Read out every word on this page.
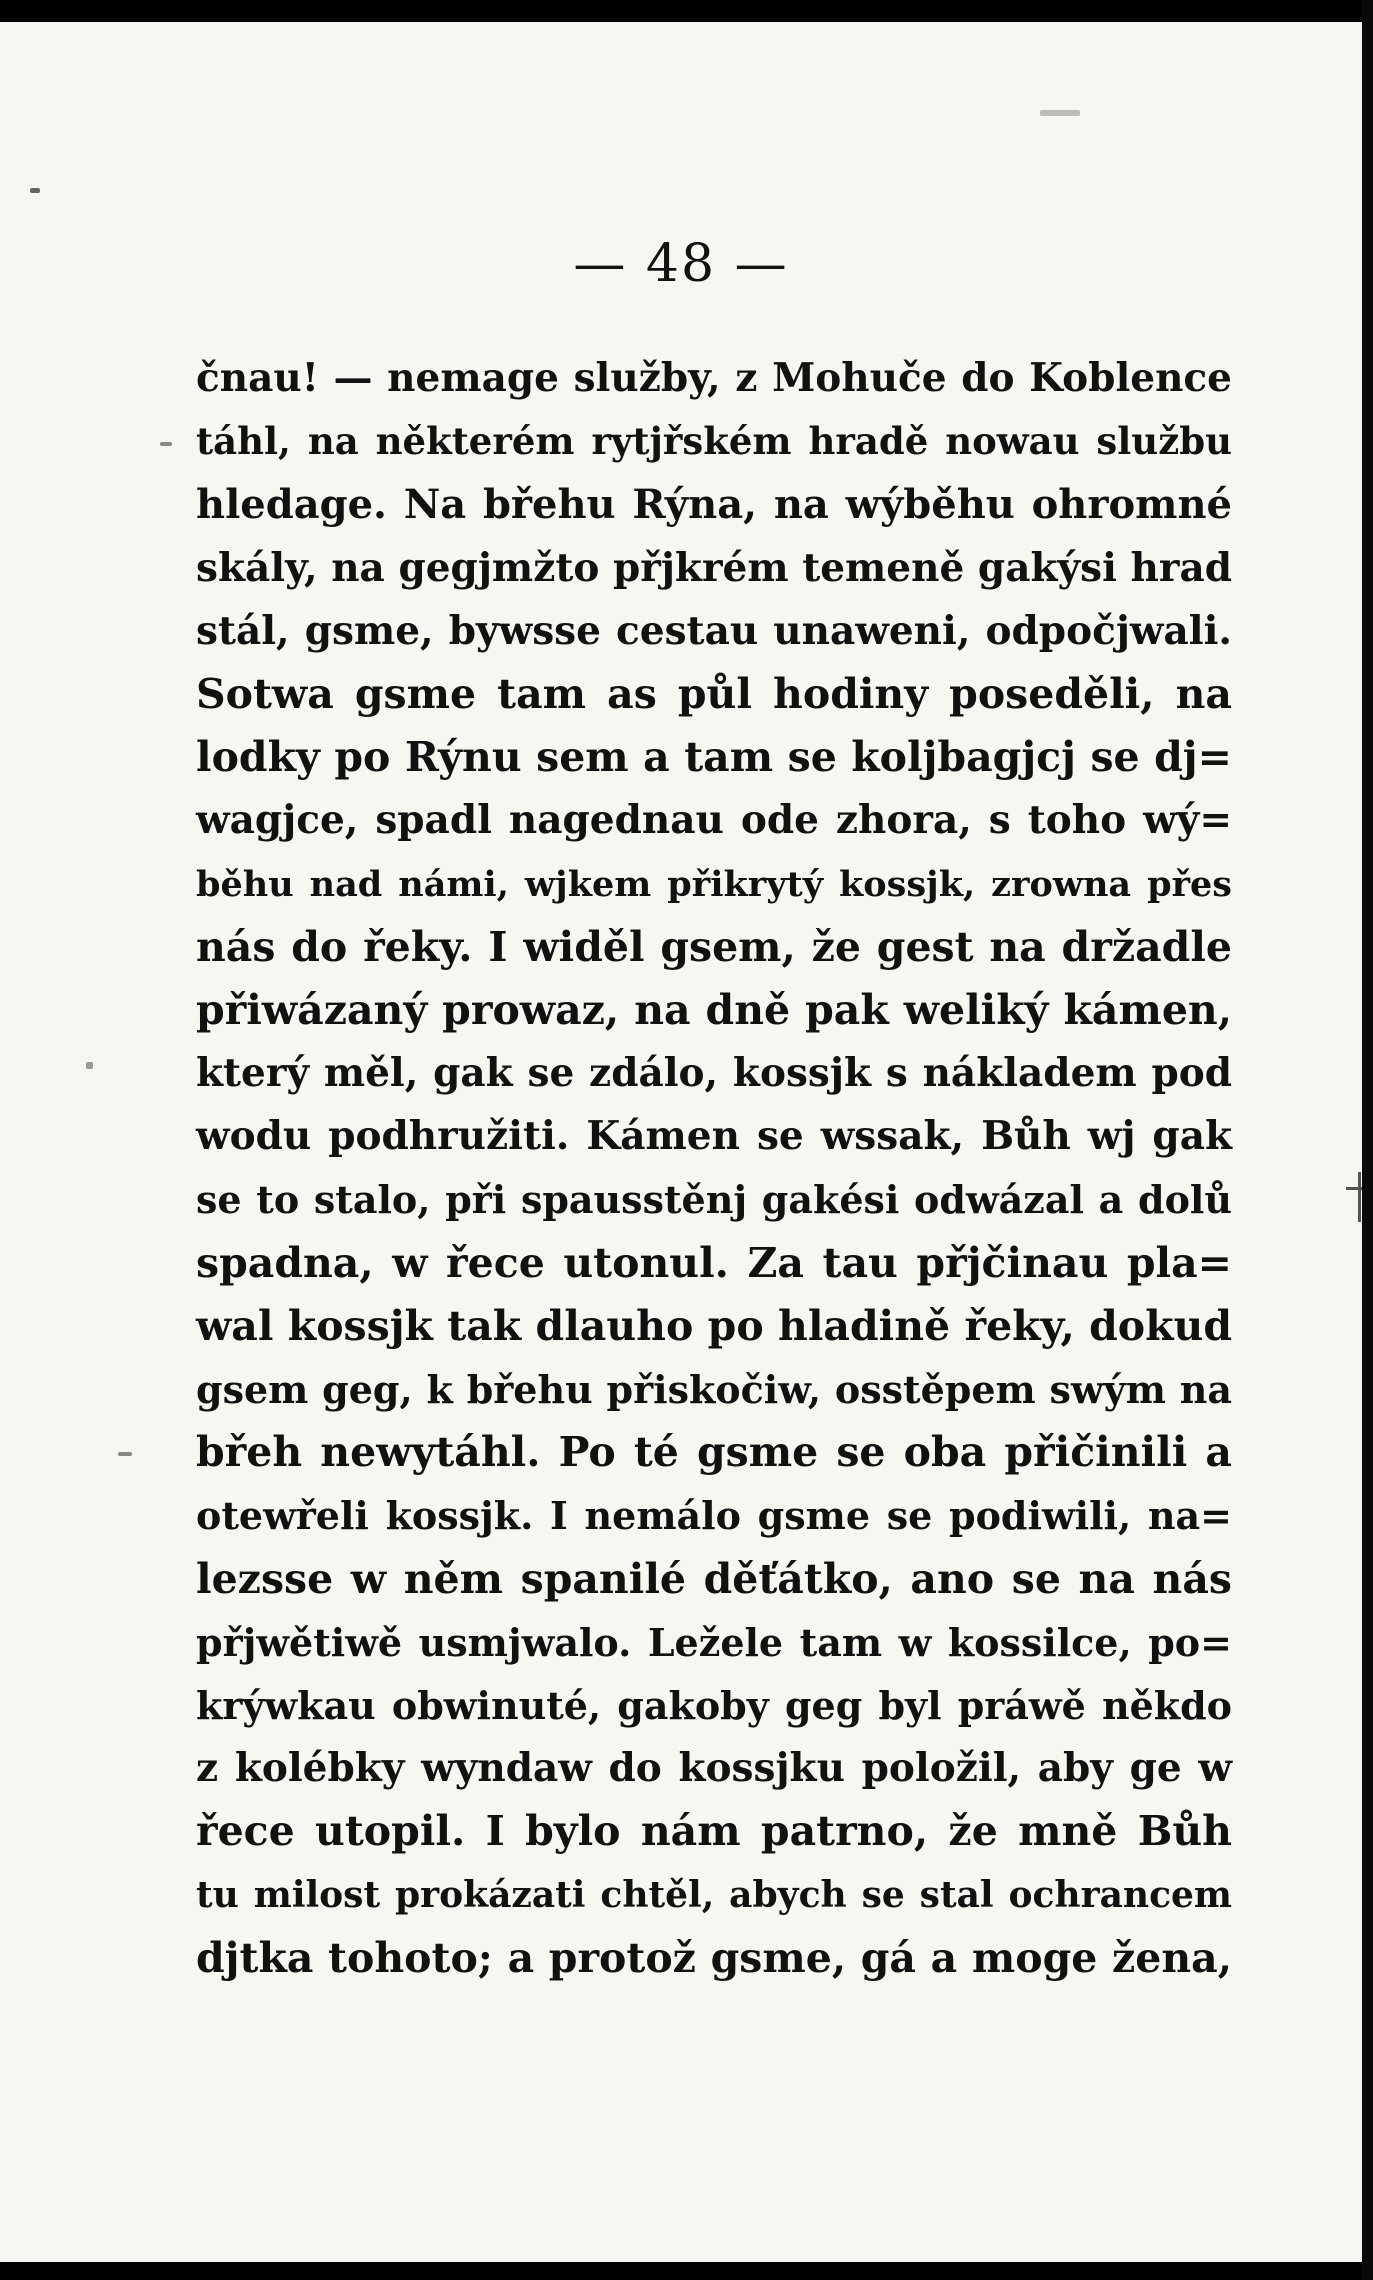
— 48 —
čnau! — nemage služby, z Mohuče do Koblence
táhl, na některém rytjřském hradě nowau službu
hledage. Na břehu Rýna, na wýběhu ohromné
skály, na gegjmžto přjkrém temeně gakýsi hrad
stál, gsme, bywsse cestau unaweni, odpočjwali.
Sotwa gsme tam as půl hodiny poseděli, na
lodky po Rýnu sem a tam se koljbagjcj se dj=
wagjce, spadl nagednau ode zhora, s toho wý=
běhu nad námi, wjkem přikrytý kossjk, zrowna přes
nás do řeky. I widěl gsem, že gest na držadle
přiwázaný prowaz, na dně pak weliký kámen,
který měl, gak se zdálo, kossjk s nákladem pod
wodu podhružiti. Kámen se wssak, Bůh wj gak
se to stalo, při spausstěnj gakési odwázal a dolů
spadna, w řece utonul. Za tau přjčinau pla=
wal kossjk tak dlauho po hladině řeky, dokud
gsem geg, k břehu přiskočiw, osstěpem swým na
břeh newytáhl. Po té gsme se oba přičinili a
otewřeli kossjk. I nemálo gsme se podiwili, na=
lezsse w něm spanilé děťátko, ano se na nás
přjwětiwě usmjwalo. Ležele tam w kossilce, po=
krýwkau obwinuté, gakoby geg byl práwě někdo
z kolébky wyndaw do kossjku položil, aby ge w
řece utopil. I bylo nám patrno, že mně Bůh
tu milost prokázati chtěl, abych se stal ochrancem
djtka tohoto; a protož gsme, gá a moge žena,
